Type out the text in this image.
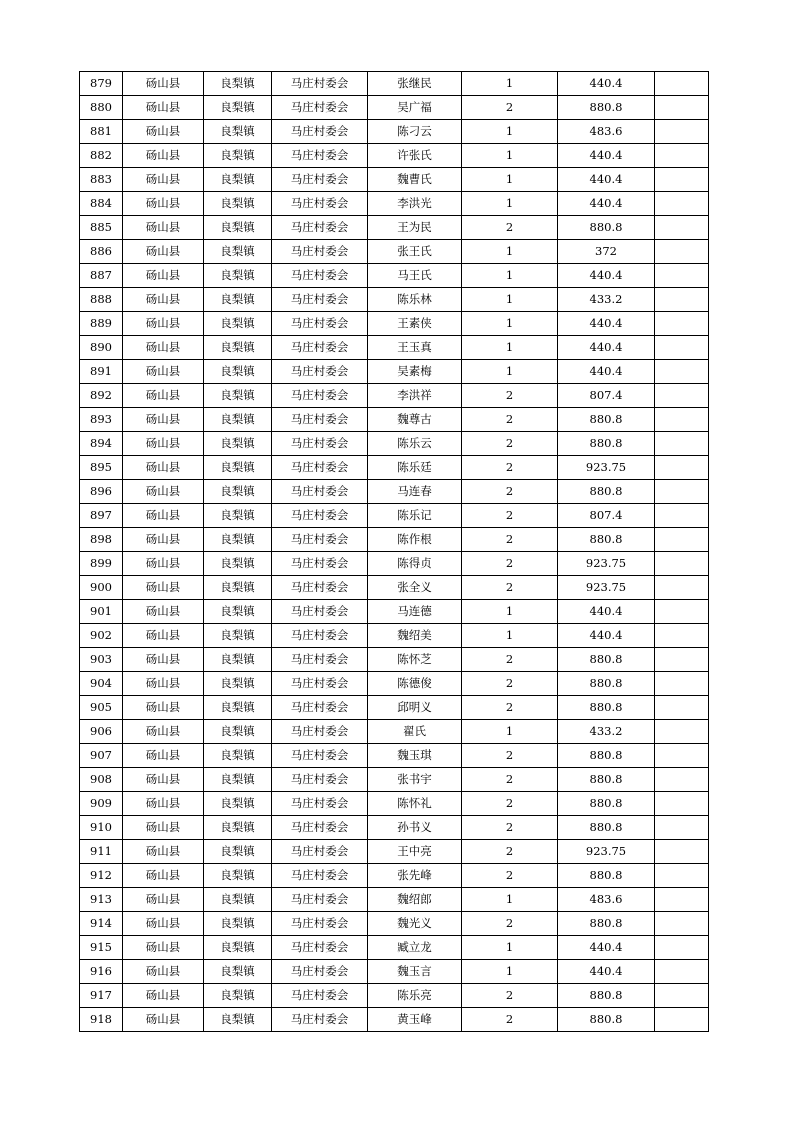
879	砀山县	良梨镇	马庄村委会	张继民	1	440.4	
880	砀山县	良梨镇	马庄村委会	吴广福	2	880.8	
881	砀山县	良梨镇	马庄村委会	陈刁云	1	483.6	
882	砀山县	良梨镇	马庄村委会	许张氏	1	440.4	
883	砀山县	良梨镇	马庄村委会	魏曹氏	1	440.4	
884	砀山县	良梨镇	马庄村委会	李洪光	1	440.4	
885	砀山县	良梨镇	马庄村委会	王为民	2	880.8	
886	砀山县	良梨镇	马庄村委会	张王氏	1	372	
887	砀山县	良梨镇	马庄村委会	马王氏	1	440.4	
888	砀山县	良梨镇	马庄村委会	陈乐林	1	433.2	
889	砀山县	良梨镇	马庄村委会	王素侠	1	440.4	
890	砀山县	良梨镇	马庄村委会	王玉真	1	440.4	
891	砀山县	良梨镇	马庄村委会	吴素梅	1	440.4	
892	砀山县	良梨镇	马庄村委会	李洪祥	2	807.4	
893	砀山县	良梨镇	马庄村委会	魏尊古	2	880.8	
894	砀山县	良梨镇	马庄村委会	陈乐云	2	880.8	
895	砀山县	良梨镇	马庄村委会	陈乐廷	2	923.75	
896	砀山县	良梨镇	马庄村委会	马连春	2	880.8	
897	砀山县	良梨镇	马庄村委会	陈乐记	2	807.4	
898	砀山县	良梨镇	马庄村委会	陈作根	2	880.8	
899	砀山县	良梨镇	马庄村委会	陈得贞	2	923.75	
900	砀山县	良梨镇	马庄村委会	张全义	2	923.75	
901	砀山县	良梨镇	马庄村委会	马连德	1	440.4	
902	砀山县	良梨镇	马庄村委会	魏绍美	1	440.4	
903	砀山县	良梨镇	马庄村委会	陈怀芝	2	880.8	
904	砀山县	良梨镇	马庄村委会	陈德俊	2	880.8	
905	砀山县	良梨镇	马庄村委会	邱明义	2	880.8	
906	砀山县	良梨镇	马庄村委会	翟氏	1	433.2	
907	砀山县	良梨镇	马庄村委会	魏玉琪	2	880.8	
908	砀山县	良梨镇	马庄村委会	张书宇	2	880.8	
909	砀山县	良梨镇	马庄村委会	陈怀礼	2	880.8	
910	砀山县	良梨镇	马庄村委会	孙书义	2	880.8	
911	砀山县	良梨镇	马庄村委会	王中亮	2	923.75	
912	砀山县	良梨镇	马庄村委会	张先峰	2	880.8	
913	砀山县	良梨镇	马庄村委会	魏绍郎	1	483.6	
914	砀山县	良梨镇	马庄村委会	魏光义	2	880.8	
915	砀山县	良梨镇	马庄村委会	臧立龙	1	440.4	
916	砀山县	良梨镇	马庄村委会	魏玉言	1	440.4	
917	砀山县	良梨镇	马庄村委会	陈乐亮	2	880.8	
918	砀山县	良梨镇	马庄村委会	黄玉峰	2	880.8	
